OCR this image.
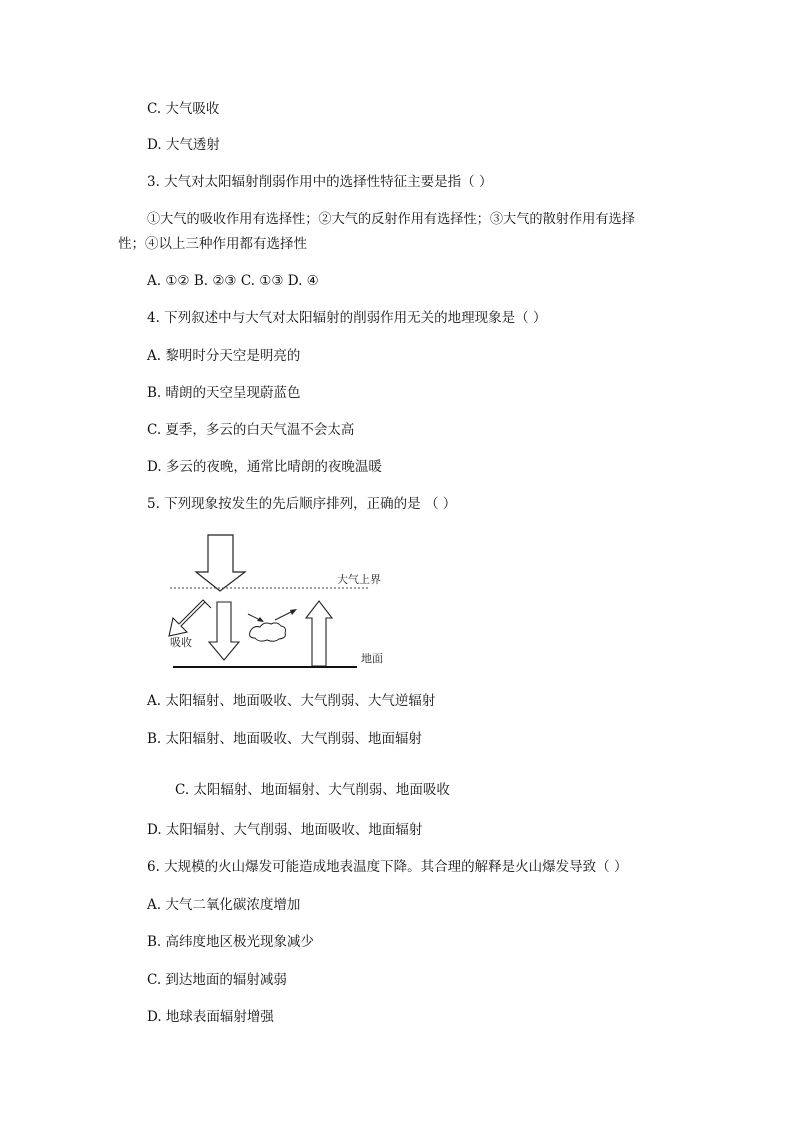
C. 大气吸收
D. 大气透射
3. 大气对太阳辐射削弱作用中的选择性特征主要是指（ ）
①大气的吸收作用有选择性；②大气的反射作用有选择性；③大气的散射作用有选择
性；④以上三种作用都有选择性
A. ①② B. ②③ C. ①③ D. ④
4. 下列叙述中与大气对太阳辐射的削弱作用无关的地理现象是（ ）
A. 黎明时分天空是明亮的
B. 晴朗的天空呈现蔚蓝色
C. 夏季，多云的白天气温不会太高
D. 多云的夜晚，通常比晴朗的夜晚温暖
5. 下列现象按发生的先后顺序排列，正确的是 （ ）
大气上界
吸收
地面
A. 太阳辐射、地面吸收、大气削弱、大气逆辐射
B. 太阳辐射、地面吸收、大气削弱、地面辐射
C. 太阳辐射、地面辐射、大气削弱、地面吸收
D. 太阳辐射、大气削弱、地面吸收、地面辐射
6. 大规模的火山爆发可能造成地表温度下降。其合理的解释是火山爆发导致（ ）
A. 大气二氧化碳浓度增加
B. 高纬度地区极光现象减少
C. 到达地面的辐射减弱
D. 地球表面辐射增强
